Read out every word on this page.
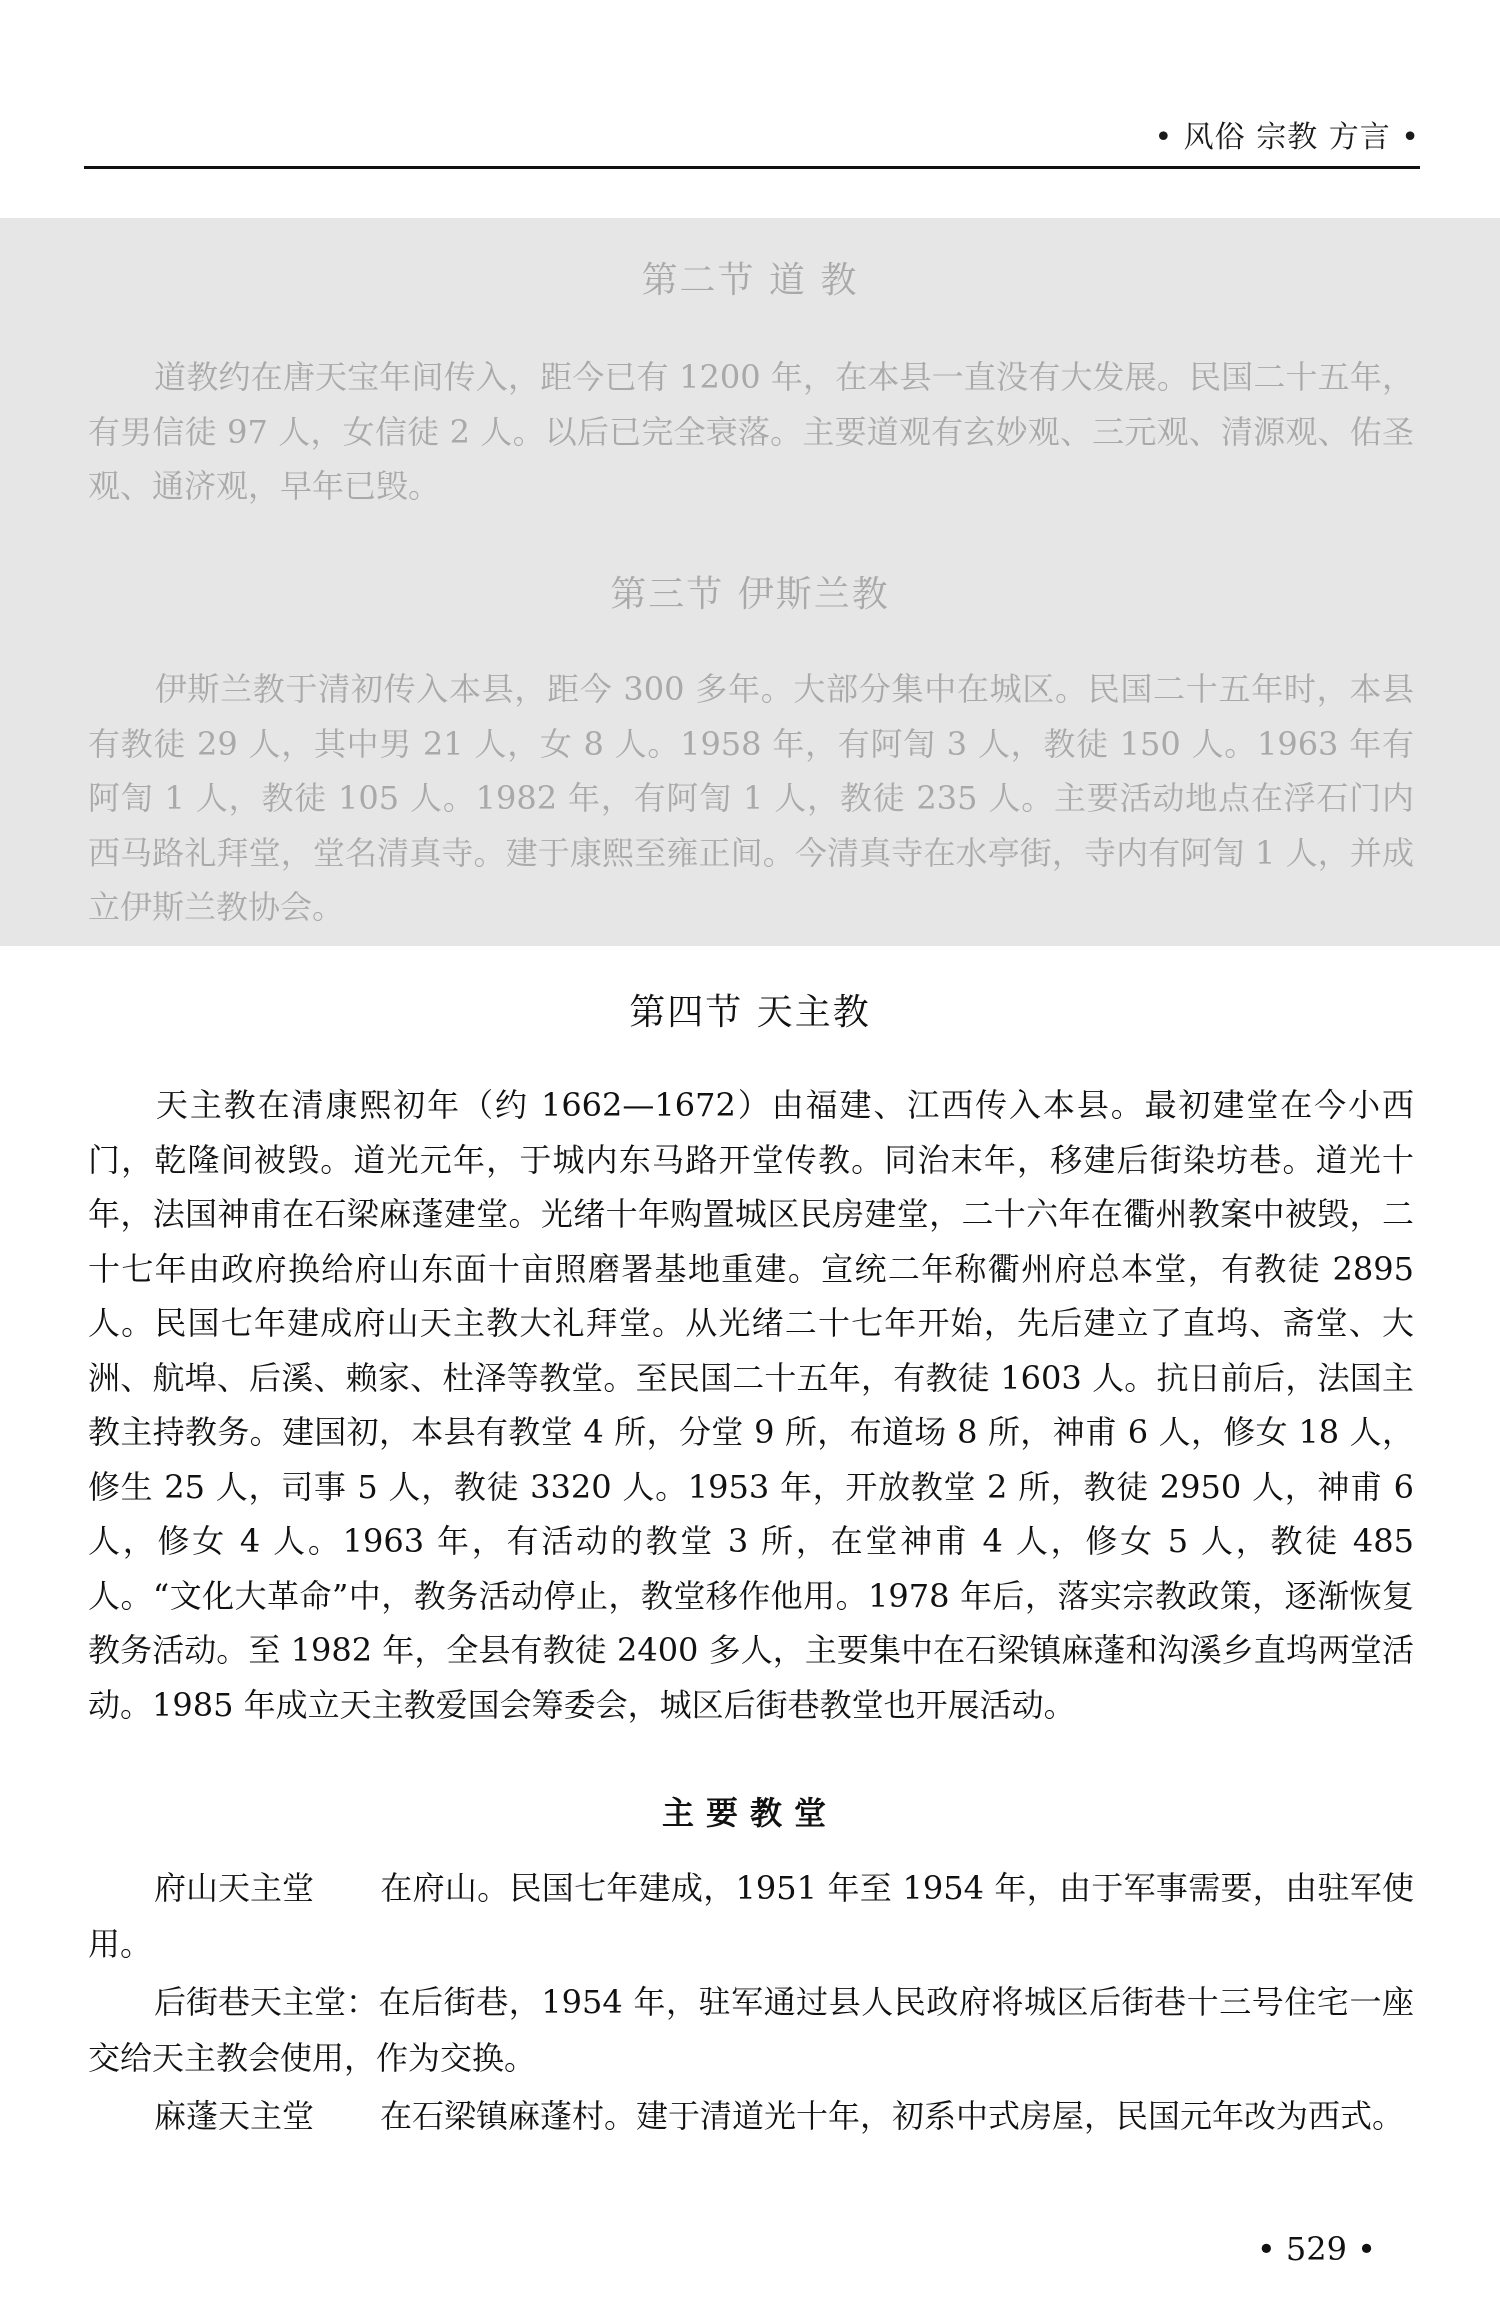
• 风俗 宗教 方言 •
第二节 道 教
道教约在唐天宝年间传入，距今已有 1200 年，在本县一直没有大发展。民国二十五年，有男信徒 97 人，女信徒 2 人。以后已完全衰落。主要道观有玄妙观、三元观、清源观、佑圣观、通济观，早年已毁。
第三节 伊斯兰教
伊斯兰教于清初传入本县，距今 300 多年。大部分集中在城区。民国二十五年时，本县有教徒 29 人，其中男 21 人，女 8 人。1958 年，有阿訇 3 人，教徒 150 人。1963 年有阿訇 1 人，教徒 105 人。1982 年，有阿訇 1 人，教徒 235 人。主要活动地点在浮石门内西马路礼拜堂，堂名清真寺。建于康熙至雍正间。今清真寺在水亭街，寺内有阿訇 1 人，并成立伊斯兰教协会。
第四节 天主教
天主教在清康熙初年（约 1662—1672）由福建、江西传入本县。最初建堂在今小西门，乾隆间被毁。道光元年，于城内东马路开堂传教。同治末年，移建后街染坊巷。道光十年，法国神甫在石梁麻蓬建堂。光绪十年购置城区民房建堂，二十六年在衢州教案中被毁，二十七年由政府换给府山东面十亩照磨署基地重建。宣统二年称衢州府总本堂，有教徒 2895 人。民国七年建成府山天主教大礼拜堂。从光绪二十七年开始，先后建立了直坞、斋堂、大洲、航埠、后溪、赖家、杜泽等教堂。至民国二十五年，有教徒 1603 人。抗日前后，法国主教主持教务。建国初，本县有教堂 4 所，分堂 9 所，布道场 8 所，神甫 6 人，修女 18 人，修生 25 人，司事 5 人，教徒 3320 人。1953 年，开放教堂 2 所，教徒 2950 人，神甫 6 人，修女 4 人。1963 年，有活动的教堂 3 所，在堂神甫 4 人，修女 5 人，教徒 485 人。“文化大革命”中，教务活动停止，教堂移作他用。1978 年后，落实宗教政策，逐渐恢复教务活动。至 1982 年，全县有教徒 2400 多人，主要集中在石梁镇麻蓬和沟溪乡直坞两堂活动。1985 年成立天主教爱国会筹委会，城区后街巷教堂也开展活动。
主要教堂
府山天主堂 在府山。民国七年建成，1951 年至 1954 年，由于军事需要，由驻军使用。
后街巷天主堂：在后街巷，1954 年，驻军通过县人民政府将城区后街巷十三号住宅一座交给天主教会使用，作为交换。
麻蓬天主堂 在石梁镇麻蓬村。建于清道光十年，初系中式房屋，民国元年改为西式。
• 529 •
